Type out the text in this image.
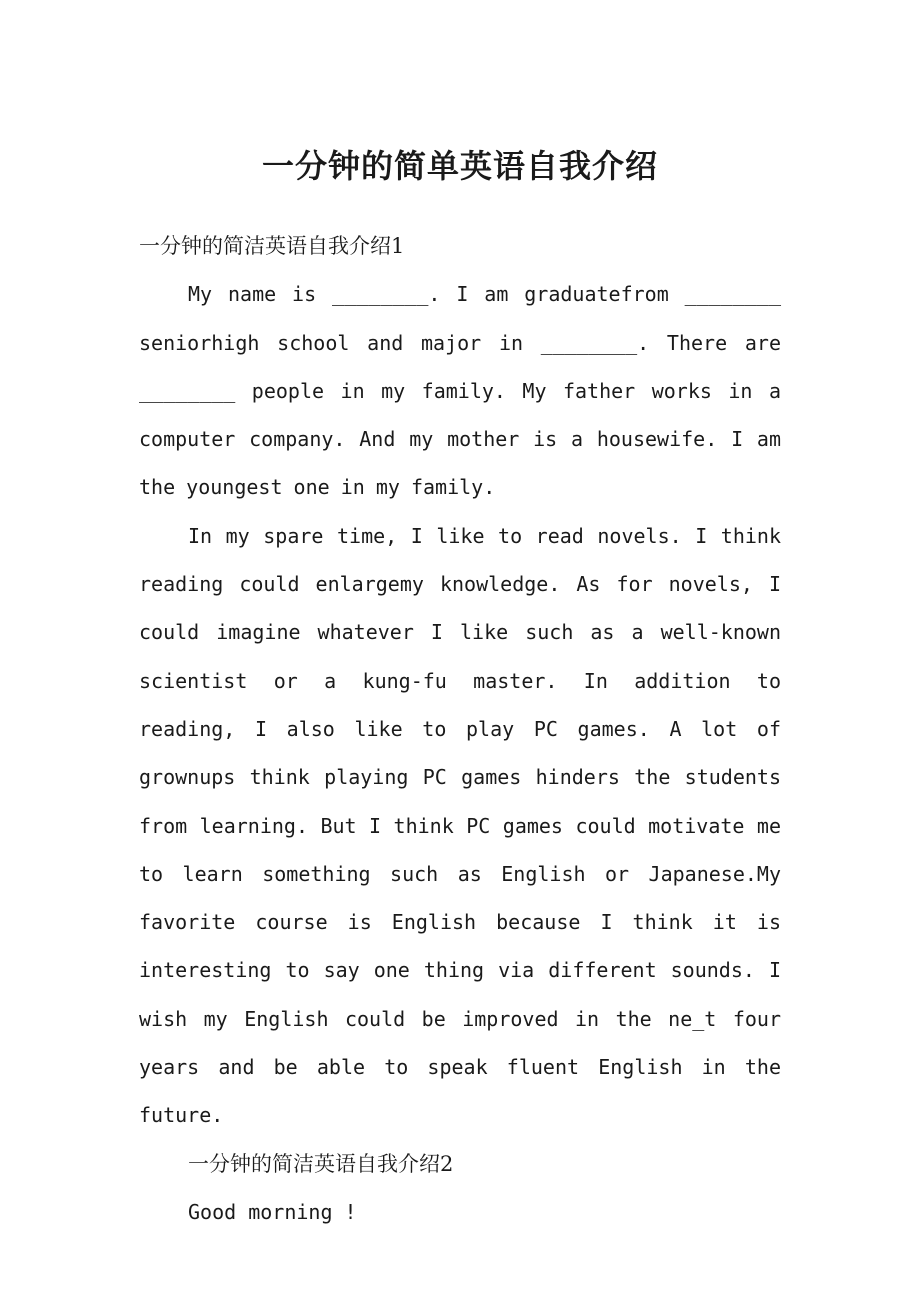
一分钟的简单英语自我介绍

一分钟的简洁英语自我介绍1

My name is ________. I am graduatefrom ________ seniorhigh school and major in ________. There are ________ people in my family. My father works in a computer company. And my mother is a housewife. I am the youngest one in my family.

In my spare time, I like to read novels. I think reading could enlargemy knowledge. As for novels, I could imagine whatever I like such as a well-known scientist or a kung-fu master. In addition to reading, I also like to play PC games. A lot of grownups think playing PC games hinders the students from learning. But I think PC games could motivate me to learn something such as English or Japanese.My favorite course is English because I think it is interesting to say one thing via different sounds. I wish my English could be improved in the ne_t four years and be able to speak fluent English in the future.

一分钟的简洁英语自我介绍2

Good morning !
